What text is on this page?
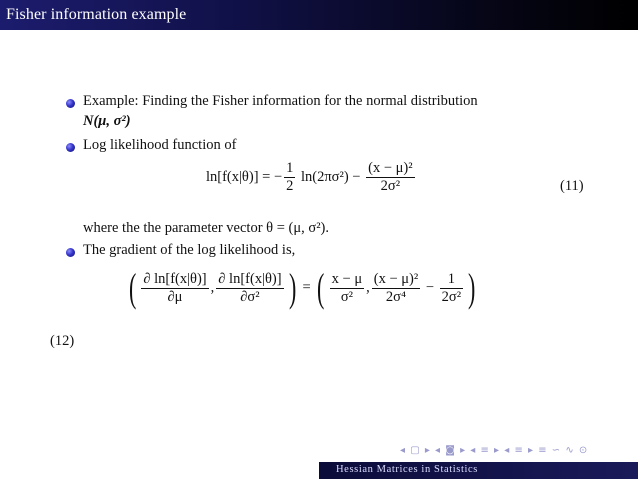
Fisher information example
Example: Finding the Fisher information for the normal distribution
N(μ, σ²)
Log likelihood function of
ln[f(x|θ)] = − $\frac{1}{2} \ln(2\pi\sigma^2) - \frac{\text{(x − μ)²}}{\text{2σ²}}$	(11)
where the the parameter vector θ = (μ, σ²).
The gradient of the log likelihood is,
( $\frac{\partial \ln[f(x|\theta)]}{\partial\mu}$ , $\frac{\partial \ln[f(x|\theta)]}{\text{∂σ²}}$ ) = ( $\frac{x - \mu}{\text{σ²}}$ , $\frac{\text{(x − μ)²}}{\text{2σ⁴}} - \frac{1}{\text{2σ²}}$ )
(12)
◂ ▢ ▸ ◂ ◙ ▸ ◂ ≡ ▸ ◂ ≡ ▸ ≡ ∽ ∿ ⊙
Hessian Matrices in Statistics
